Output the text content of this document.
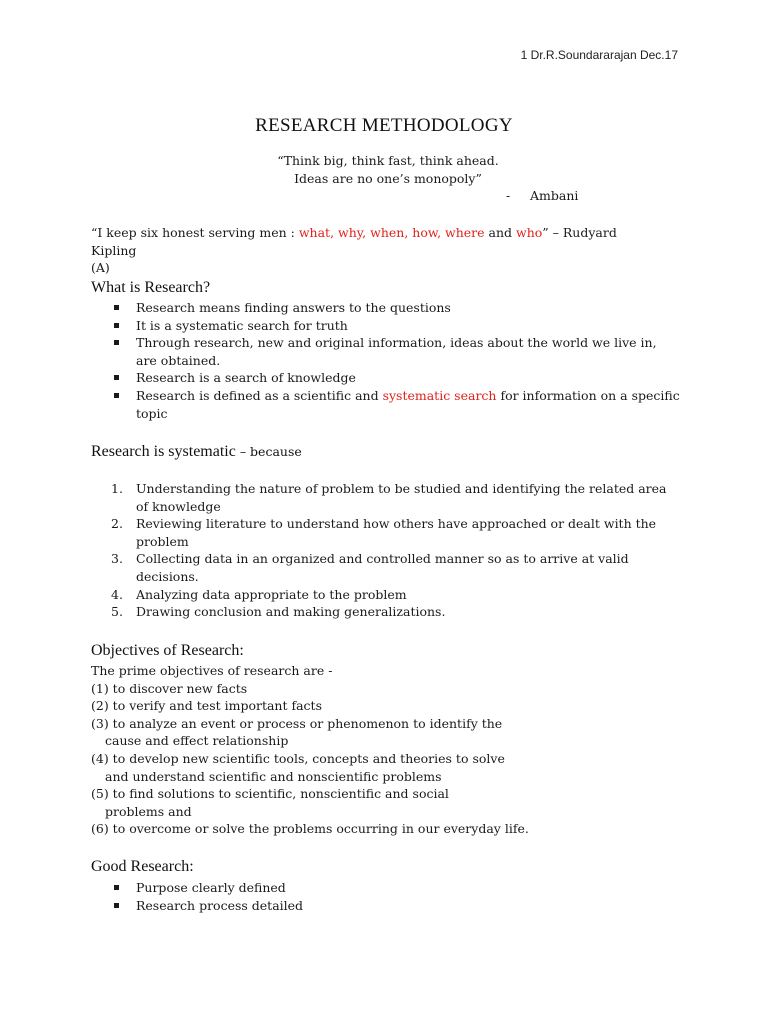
1 Dr.R.Soundararajan Dec.17
RESEARCH METHODOLOGY
“Think big, think fast, think ahead.
Ideas are no one’s monopoly”
- Ambani
“I keep six honest serving men : what, why, when, how, where and who” – Rudyard
Kipling
(A)
What is Research?
Research means finding answers to the questions
It is a systematic search for truth
Through research, new and original information, ideas about the world we live in, are obtained.
Research is a search of knowledge
Research is defined as a scientific and systematic search for information on a specific topic
Research is systematic – because
1. Understanding the nature of problem to be studied and identifying the related area of knowledge
2. Reviewing literature to understand how others have approached or dealt with the problem
3. Collecting data in an organized and controlled manner so as to arrive at valid decisions.
4. Analyzing data appropriate to the problem
5. Drawing conclusion and making generalizations.
Objectives of Research:
The prime objectives of research are -
(1) to discover new facts
(2) to verify and test important facts
(3) to analyze an event or process or phenomenon to identify the
cause and effect relationship
(4) to develop new scientific tools, concepts and theories to solve
and understand scientific and nonscientific problems
(5) to find solutions to scientific, nonscientific and social
problems and
(6) to overcome or solve the problems occurring in our everyday life.
Good Research:
Purpose clearly defined
Research process detailed
